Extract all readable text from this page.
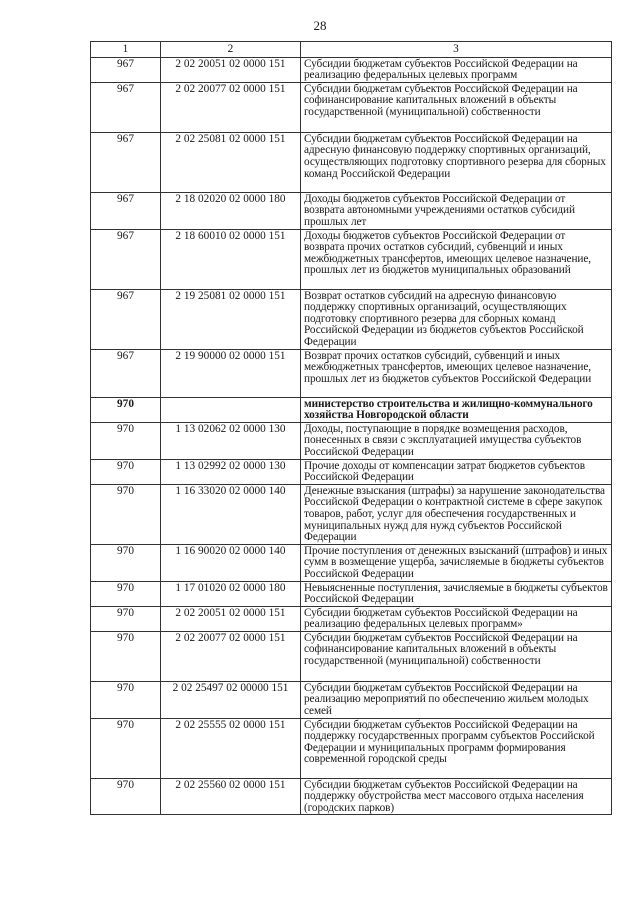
28
1	2	3
967	2 02 20051 02 0000 151	Субсидии бюджетам субъектов Российской Федерации на реализацию федеральных целевых программ
967	2 02 20077 02 0000 151	Субсидии бюджетам субъектов Российской Федерации на софинансирование капитальных вложений в объекты государственной (муниципальной) собственности
967	2 02 25081 02 0000 151	Субсидии бюджетам субъектов Российской Федерации на адресную финансовую поддержку спортивных организаций, осуществляющих подготовку спортивного резерва для сборных команд Российской Федерации
967	2 18 02020 02 0000 180	Доходы бюджетов субъектов Российской Федерации от возврата автономными учреждениями остатков субсидий прошлых лет
967	2 18 60010 02 0000 151	Доходы бюджетов субъектов Российской Федерации от возврата прочих остатков субсидий, субвенций и иных межбюджетных трансфертов, имеющих целевое назначение, прошлых лет из бюджетов муниципальных образований
967	2 19 25081 02 0000 151	Возврат остатков субсидий на адресную финансовую поддержку спортивных организаций, осуществляющих подготовку спортивного резерва для сборных команд Российской Федерации из бюджетов субъектов Российской Федерации
967	2 19 90000 02 0000 151	Возврат прочих остатков субсидий, субвенций и иных межбюджетных трансфертов, имеющих целевое назначение, прошлых лет из бюджетов субъектов Российской Федерации
970		министерство строительства и жилищно-коммунального хозяйства Новгородской области
970	1 13 02062 02 0000 130	Доходы, поступающие в порядке возмещения расходов, понесенных в связи с эксплуатацией имущества субъектов Российской Федерации
970	1 13 02992 02 0000 130	Прочие доходы от компенсации затрат бюджетов субъектов Российской Федерации
970	1 16 33020 02 0000 140	Денежные взыскания (штрафы) за нарушение законодательства Российской Федерации о контрактной системе в сфере закупок товаров, работ, услуг для обеспечения государственных и муниципальных нужд для нужд субъектов Российской Федерации
970	1 16 90020 02 0000 140	Прочие поступления от денежных взысканий (штрафов) и иных сумм в возмещение ущерба, зачисляемые в бюджеты субъектов Российской Федерации
970	1 17 01020 02 0000 180	Невыясненные поступления, зачисляемые в бюджеты субъектов Российской Федерации
970	2 02 20051 02 0000 151	Субсидии бюджетам субъектов Российской Федерации на реализацию федеральных целевых программ»
970	2 02 20077 02 0000 151	Субсидии бюджетам субъектов Российской Федерации на софинансирование капитальных вложений в объекты государственной (муниципальной) собственности
970	2 02 25497 02 00000 151	Субсидии бюджетам субъектов Российской Федерации на реализацию мероприятий по обеспечению жильем молодых семей
970	2 02 25555 02 0000 151	Субсидии бюджетам субъектов Российской Федерации на поддержку государственных программ субъектов Российской Федерации и муниципальных программ формирования современной городской среды
970	2 02 25560 02 0000 151	Субсидии бюджетам субъектов Российской Федерации на поддержку обустройства мест массового отдыха населения (городских парков)
